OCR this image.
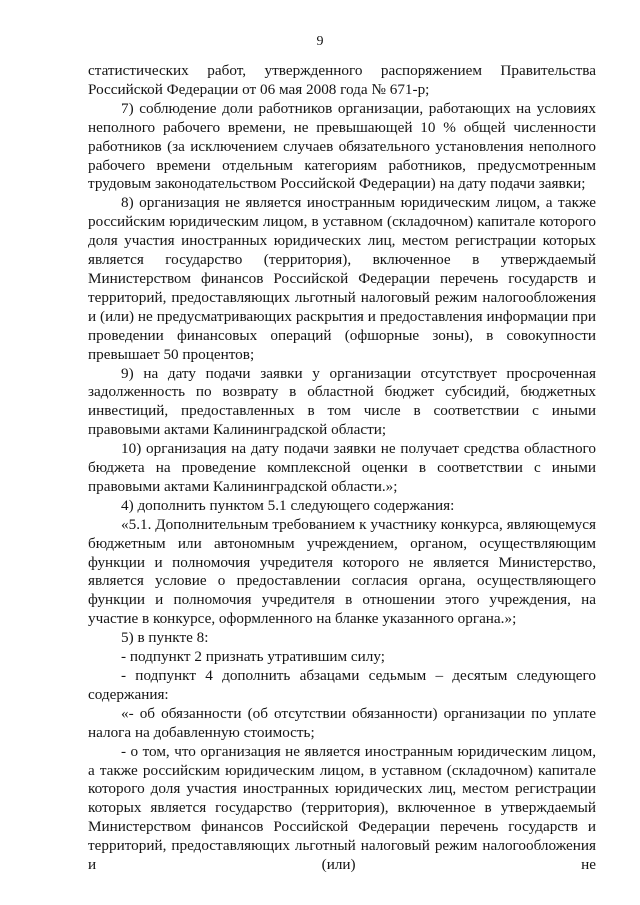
9

статистических работ, утвержденного распоряжением Правительства Российской Федерации от 06 мая 2008 года № 671-р;

7) соблюдение доли работников организации, работающих на условиях неполного рабочего времени, не превышающей 10 % общей численности работников (за исключением случаев обязательного установления неполного рабочего времени отдельным категориям работников, предусмотренным трудовым законодательством Российской Федерации) на дату подачи заявки;

8) организация не является иностранным юридическим лицом, а также российским юридическим лицом, в уставном (складочном) капитале которого доля участия иностранных юридических лиц, местом регистрации которых является государство (территория), включенное в утверждаемый Министерством финансов Российской Федерации перечень государств и территорий, предоставляющих льготный налоговый режим налогообложения и (или) не предусматривающих раскрытия и предоставления информации при проведении финансовых операций (офшорные зоны), в совокупности превышает 50 процентов;

9) на дату подачи заявки у организации отсутствует просроченная задолженность по возврату в областной бюджет субсидий, бюджетных инвестиций, предоставленных в том числе в соответствии с иными правовыми актами Калининградской области;

10) организация на дату подачи заявки не получает средства областного бюджета на проведение комплексной оценки в соответствии с иными правовыми актами Калининградской области.»;

4) дополнить пунктом 5.1 следующего содержания:

«5.1. Дополнительным требованием к участнику конкурса, являющемуся бюджетным или автономным учреждением, органом, осуществляющим функции и полномочия учредителя которого не является Министерство, является условие о предоставлении согласия органа, осуществляющего функции и полномочия учредителя в отношении этого учреждения, на участие в конкурсе, оформленного на бланке указанного органа.»;

5) в пункте 8:

- подпункт 2 признать утратившим силу;

- подпункт 4 дополнить абзацами седьмым – десятым следующего содержания:

«- об обязанности (об отсутствии обязанности) организации по уплате налога на добавленную стоимость;

- о том, что организация не является иностранным юридическим лицом, а также российским юридическим лицом, в уставном (складочном) капитале которого доля участия иностранных юридических лиц, местом регистрации которых является государство (территория), включенное в утверждаемый Министерством финансов Российской Федерации перечень государств и территорий, предоставляющих льготный налоговый режим налогообложения и (или) не
